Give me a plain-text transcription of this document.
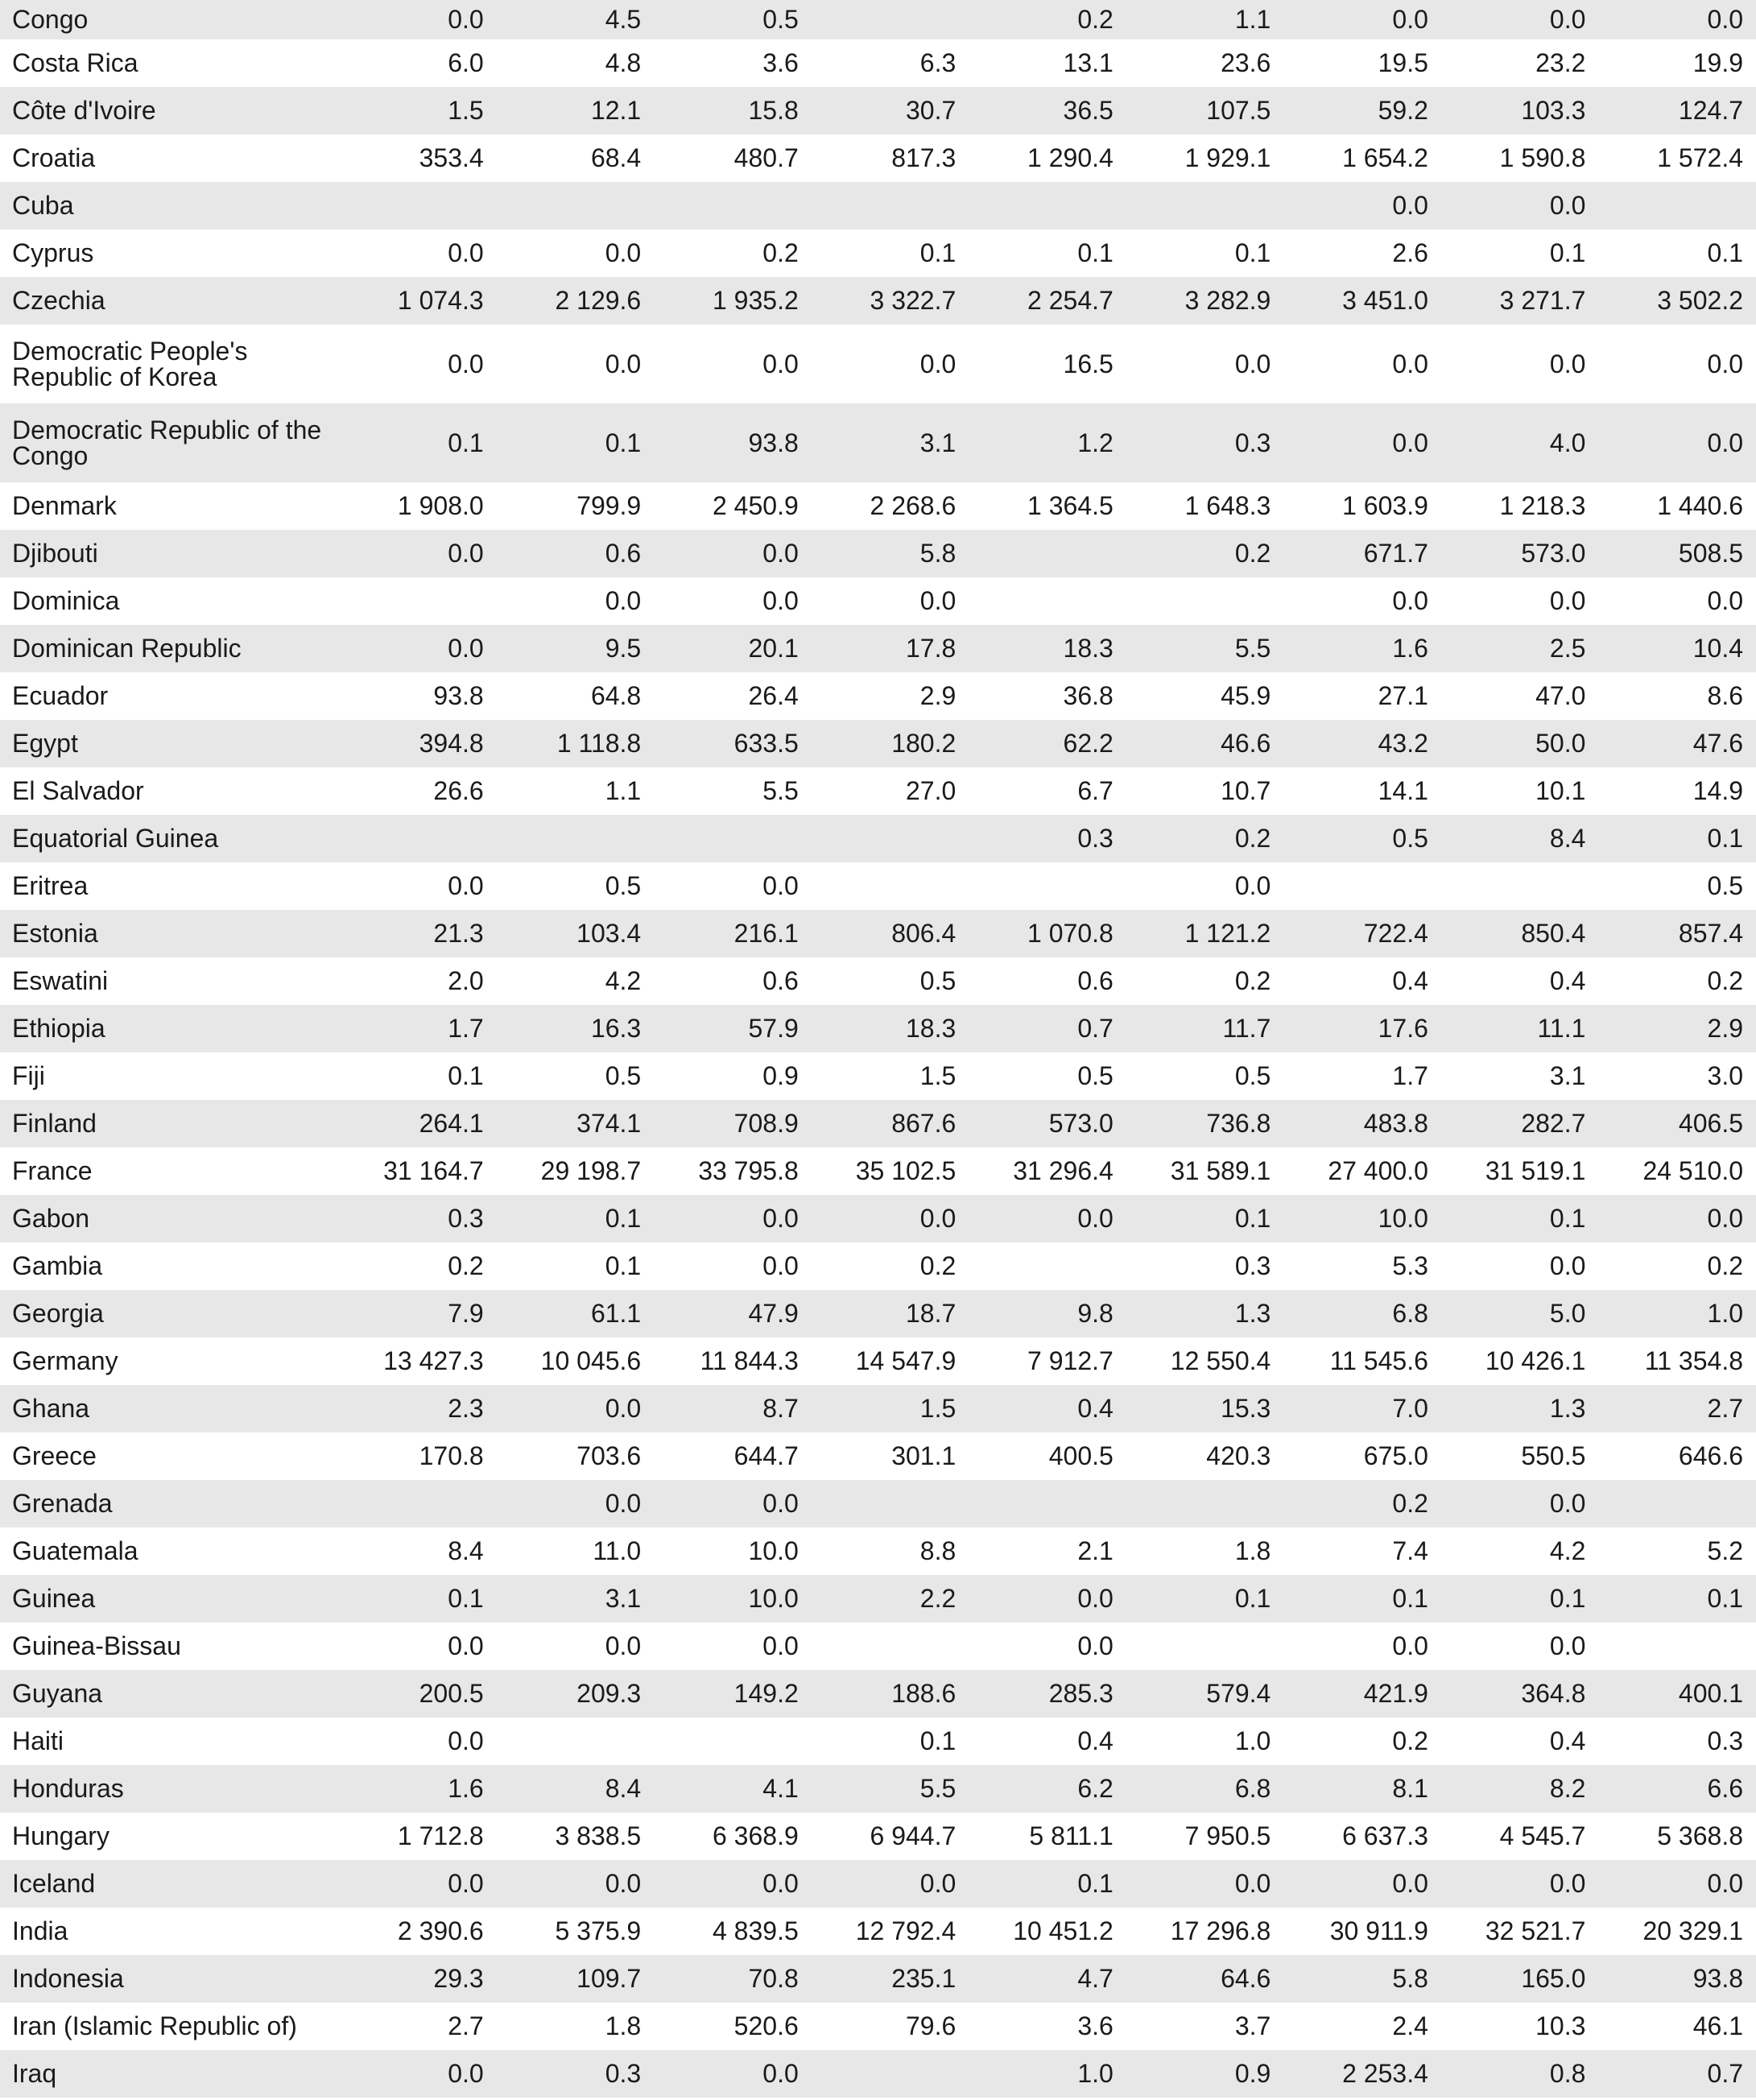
Congo	0.0	4.5	0.5		0.2	1.1	0.0	0.0	0.0
Costa Rica	6.0	4.8	3.6	6.3	13.1	23.6	19.5	23.2	19.9
Côte d'Ivoire	1.5	12.1	15.8	30.7	36.5	107.5	59.2	103.3	124.7
Croatia	353.4	68.4	480.7	817.3	1 290.4	1 929.1	1 654.2	1 590.8	1 572.4
Cuba							0.0	0.0	
Cyprus	0.0	0.0	0.2	0.1	0.1	0.1	2.6	0.1	0.1
Czechia	1 074.3	2 129.6	1 935.2	3 322.7	2 254.7	3 282.9	3 451.0	3 271.7	3 502.2
Democratic People's Republic of Korea	0.0	0.0	0.0	0.0	16.5	0.0	0.0	0.0	0.0
Democratic Republic of the Congo	0.1	0.1	93.8	3.1	1.2	0.3	0.0	4.0	0.0
Denmark	1 908.0	799.9	2 450.9	2 268.6	1 364.5	1 648.3	1 603.9	1 218.3	1 440.6
Djibouti	0.0	0.6	0.0	5.8		0.2	671.7	573.0	508.5
Dominica		0.0	0.0	0.0			0.0	0.0	0.0
Dominican Republic	0.0	9.5	20.1	17.8	18.3	5.5	1.6	2.5	10.4
Ecuador	93.8	64.8	26.4	2.9	36.8	45.9	27.1	47.0	8.6
Egypt	394.8	1 118.8	633.5	180.2	62.2	46.6	43.2	50.0	47.6
El Salvador	26.6	1.1	5.5	27.0	6.7	10.7	14.1	10.1	14.9
Equatorial Guinea					0.3	0.2	0.5	8.4	0.1
Eritrea	0.0	0.5	0.0			0.0			0.5
Estonia	21.3	103.4	216.1	806.4	1 070.8	1 121.2	722.4	850.4	857.4
Eswatini	2.0	4.2	0.6	0.5	0.6	0.2	0.4	0.4	0.2
Ethiopia	1.7	16.3	57.9	18.3	0.7	11.7	17.6	11.1	2.9
Fiji	0.1	0.5	0.9	1.5	0.5	0.5	1.7	3.1	3.0
Finland	264.1	374.1	708.9	867.6	573.0	736.8	483.8	282.7	406.5
France	31 164.7	29 198.7	33 795.8	35 102.5	31 296.4	31 589.1	27 400.0	31 519.1	24 510.0
Gabon	0.3	0.1	0.0	0.0	0.0	0.1	10.0	0.1	0.0
Gambia	0.2	0.1	0.0	0.2		0.3	5.3	0.0	0.2
Georgia	7.9	61.1	47.9	18.7	9.8	1.3	6.8	5.0	1.0
Germany	13 427.3	10 045.6	11 844.3	14 547.9	7 912.7	12 550.4	11 545.6	10 426.1	11 354.8
Ghana	2.3	0.0	8.7	1.5	0.4	15.3	7.0	1.3	2.7
Greece	170.8	703.6	644.7	301.1	400.5	420.3	675.0	550.5	646.6
Grenada		0.0	0.0				0.2	0.0	
Guatemala	8.4	11.0	10.0	8.8	2.1	1.8	7.4	4.2	5.2
Guinea	0.1	3.1	10.0	2.2	0.0	0.1	0.1	0.1	0.1
Guinea-Bissau	0.0	0.0	0.0		0.0		0.0	0.0	
Guyana	200.5	209.3	149.2	188.6	285.3	579.4	421.9	364.8	400.1
Haiti	0.0			0.1	0.4	1.0	0.2	0.4	0.3
Honduras	1.6	8.4	4.1	5.5	6.2	6.8	8.1	8.2	6.6
Hungary	1 712.8	3 838.5	6 368.9	6 944.7	5 811.1	7 950.5	6 637.3	4 545.7	5 368.8
Iceland	0.0	0.0	0.0	0.0	0.1	0.0	0.0	0.0	0.0
India	2 390.6	5 375.9	4 839.5	12 792.4	10 451.2	17 296.8	30 911.9	32 521.7	20 329.1
Indonesia	29.3	109.7	70.8	235.1	4.7	64.6	5.8	165.0	93.8
Iran (Islamic Republic of)	2.7	1.8	520.6	79.6	3.6	3.7	2.4	10.3	46.1
Iraq	0.0	0.3	0.0		1.0	0.9	2 253.4	0.8	0.7
